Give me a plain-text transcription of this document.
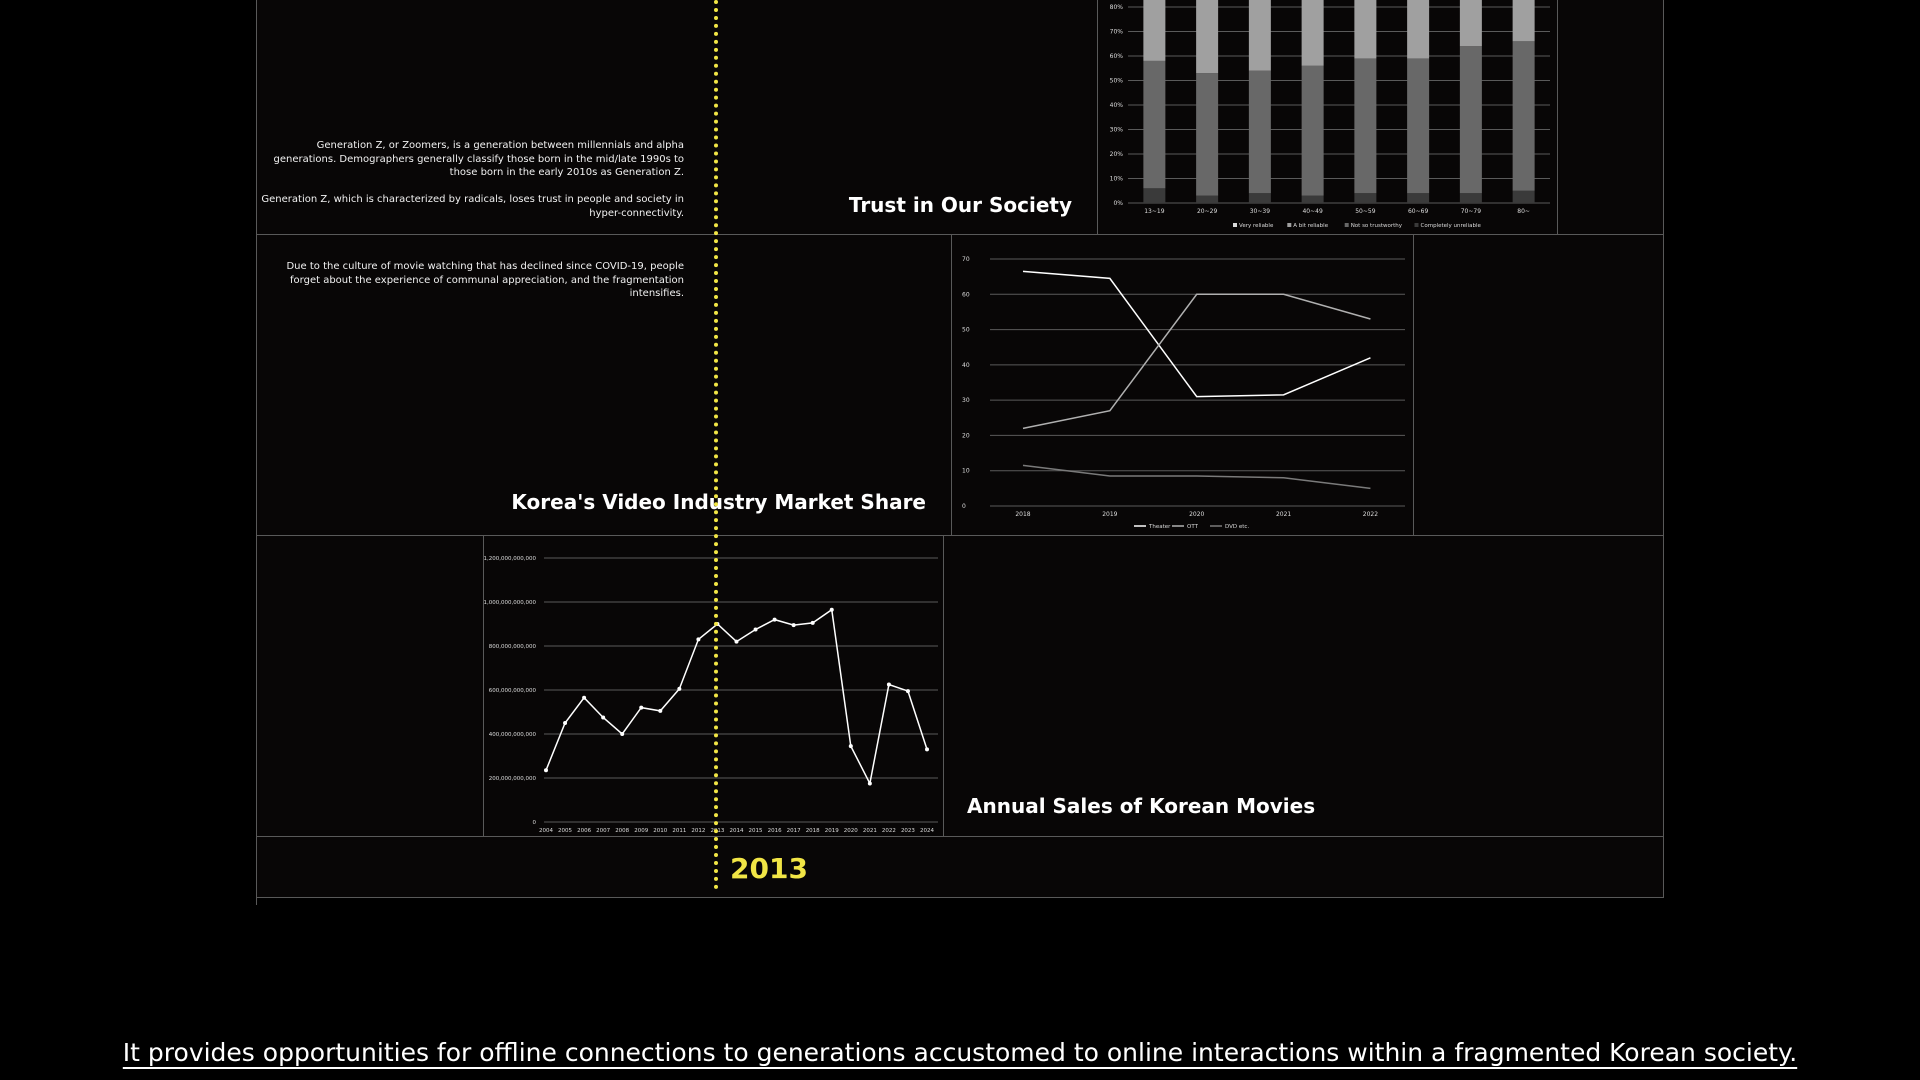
Generation Z, or Zoomers, is a generation between millennials and alpha generations. Demographers generally classify those born in the mid/late 1990s to those born in the early 2010s as Generation Z.

Generation Z, which is characterized by radicals, loses trust in people and society in hyper-connectivity.

Due to the culture of movie watching that has declined since COVID-19, people forget about the experience of communal appreciation, and the fragmentation intensifies.

Trust in Our Society
Korea's Video Industry Market Share
Annual Sales of Korean Movies
0%
10%
20%
30%
40%
50%
60%
70%
80%
13~19	20~29	30~39	40~49	50~59	60~69	70~79	80~
Very reliable	A bit reliable	Not so trustworthy	Completely unreliable
0
10
20
30
40
50
60
70
2018	2019	2020	2021	2022
Theater	OTT	DVD etc.
0
200,000,000,000
400,000,000,000
600,000,000,000
800,000,000,000
1,000,000,000,000
1,200,000,000,000
2004 2005 2006 2007 2008 2009 2010 2011 2012 2013 2014 2015 2016 2017 2018 2019 2020 2021 2022 2023 2024
2013
It provides opportunities for offline connections to generations accustomed to online interactions within a fragmented Korean society.
